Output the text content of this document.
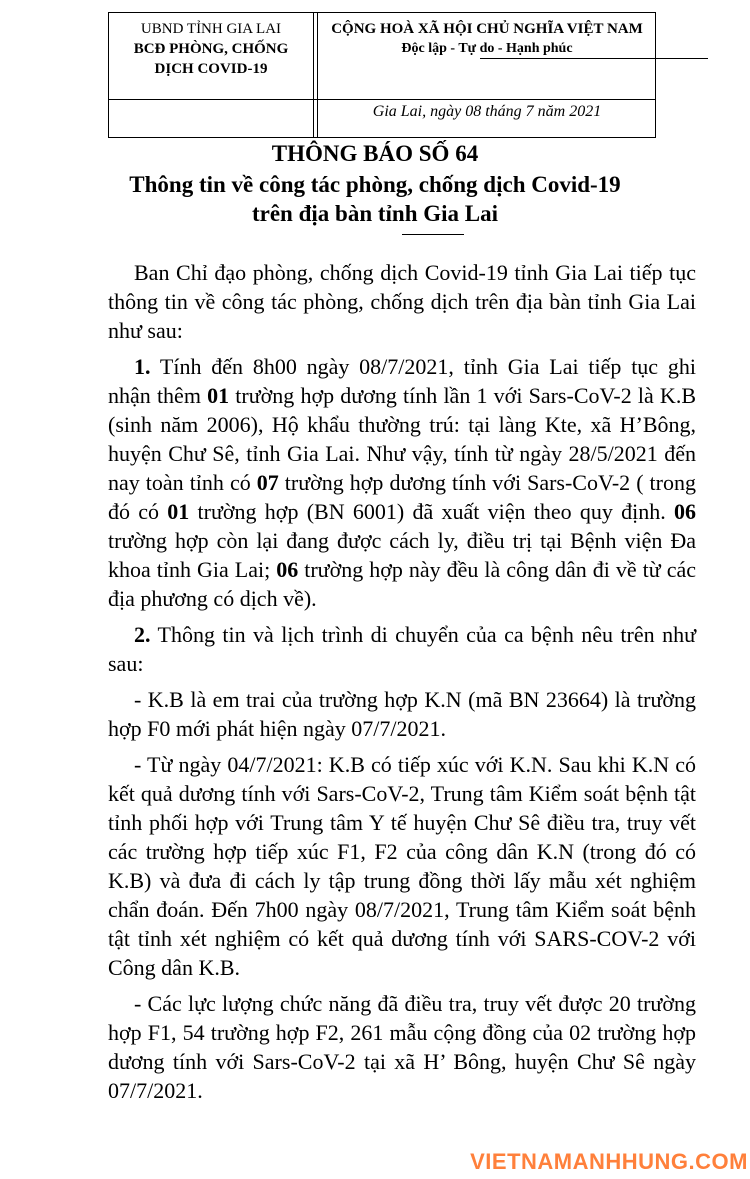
UBND TỈNH GIA LAI
BCĐ PHÒNG, CHỐNG
DỊCH COVID-19
CỘNG HOÀ XÃ HỘI CHỦ NGHĨA VIỆT NAM
Độc lập - Tự do - Hạnh phúc
Gia Lai, ngày 08 tháng 7 năm 2021
THÔNG BÁO SỐ 64
Thông tin về công tác phòng, chống dịch Covid-19
trên địa bàn tỉnh Gia Lai

Ban Chỉ đạo phòng, chống dịch Covid-19 tỉnh Gia Lai tiếp tục thông tin về công tác phòng, chống dịch trên địa bàn tỉnh Gia Lai như sau:

1. Tính đến 8h00 ngày 08/7/2021, tỉnh Gia Lai tiếp tục ghi nhận thêm 01 trường hợp dương tính lần 1 với Sars-CoV-2 là K.B (sinh năm 2006), Hộ khẩu thường trú: tại làng Kte, xã H’Bông, huyện Chư Sê, tỉnh Gia Lai. Như vậy, tính từ ngày 28/5/2021 đến nay toàn tỉnh có 07 trường hợp dương tính với Sars-CoV-2 ( trong đó có 01 trường hợp (BN 6001) đã xuất viện theo quy định. 06 trường hợp còn lại đang được cách ly, điều trị tại Bệnh viện Đa khoa tỉnh Gia Lai; 06 trường hợp này đều là công dân đi về từ các địa phương có dịch về).

2. Thông tin và lịch trình di chuyển của ca bệnh nêu trên như sau:

- K.B là em trai của trường hợp K.N (mã BN 23664) là trường hợp F0 mới phát hiện ngày 07/7/2021.

- Từ ngày 04/7/2021: K.B có tiếp xúc với K.N. Sau khi K.N có kết quả dương tính với Sars-CoV-2, Trung tâm Kiểm soát bệnh tật tỉnh phối hợp với Trung tâm Y tế huyện Chư Sê điều tra, truy vết các trường hợp tiếp xúc F1, F2 của công dân K.N (trong đó có K.B) và đưa đi cách ly tập trung đồng thời lấy mẫu xét nghiệm chẩn đoán. Đến 7h00 ngày 08/7/2021, Trung tâm Kiểm soát bệnh tật tỉnh xét nghiệm có kết quả dương tính với SARS-COV-2 với Công dân K.B.

- Các lực lượng chức năng đã điều tra, truy vết được 20 trường hợp F1, 54 trường hợp F2, 261 mẫu cộng đồng của 02 trường hợp dương tính với Sars-CoV-2 tại xã H’ Bông, huyện Chư Sê ngày 07/7/2021.

VIETNAMANHHUNG.COM
